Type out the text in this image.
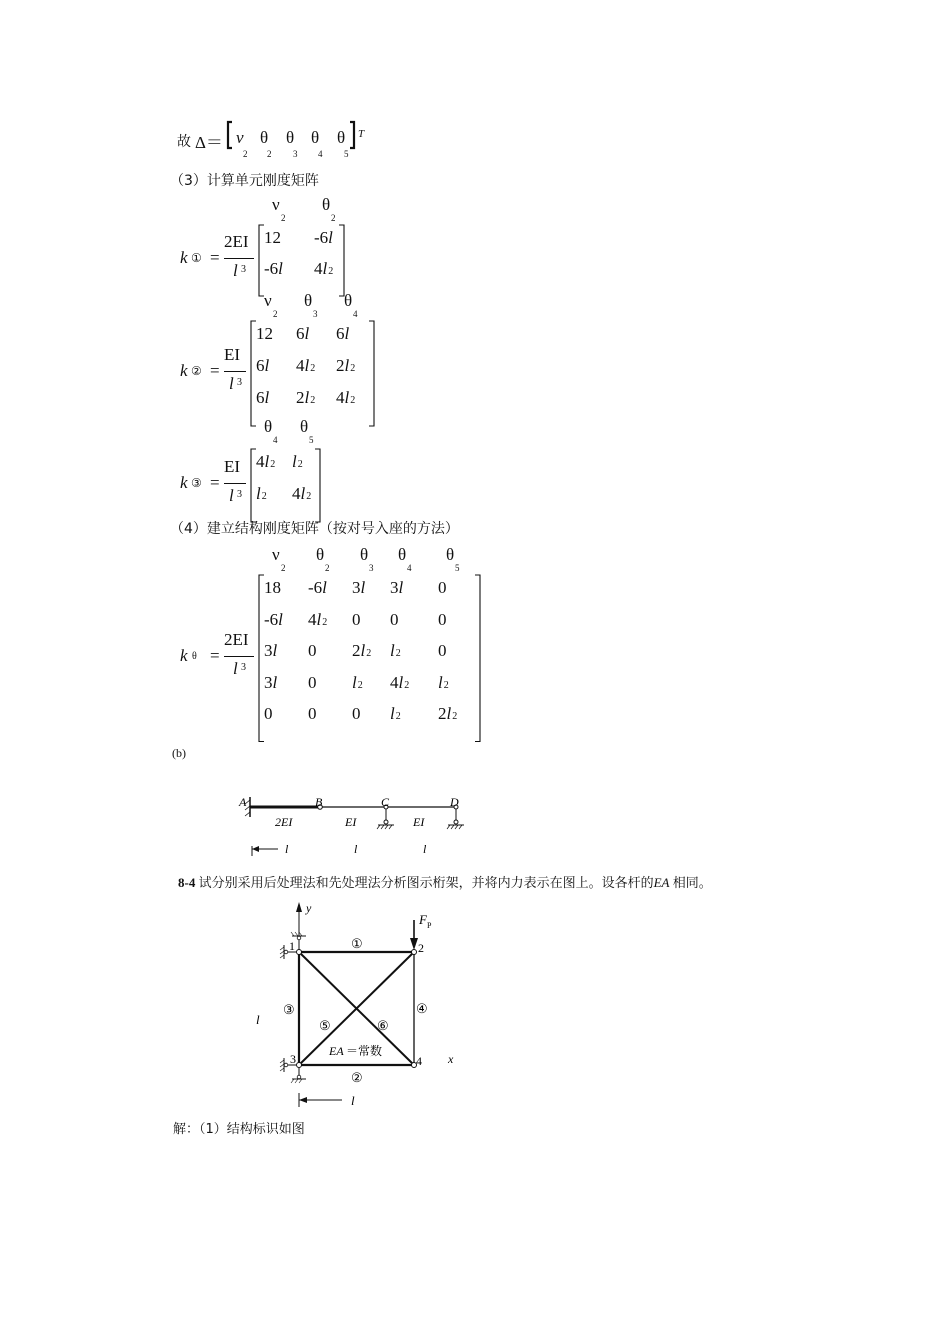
故 Δ＝ ν
2
θ
2
θ
3
θ
4
θ
5
T
（3）计算单元刚度矩阵
k ① =
2EI
l 3
ν
2
θ
2
12 -6l
-6l 4l2
k ② =
EI
l 3
ν
2
θ
3
θ
4
12 6l 6l
6l 4l2 2l2
6l 2l2 4l2
k ③ =
EI
l 3
θ
4
θ
5
4l2 l2
l2 4l2
（4）建立结构刚度矩阵（按对号入座的方法）
k θ =
2EI
l 3
ν
2
θ
2
θ
3
θ
4
θ
5
18 -6l 3l 3l 0
-6l 4l2 0 0 0
3l 0 2l2 l2 0
3l 0 l2 4l2 l2
0 0 0 l2 2l2
(b)
A	B	C	D
2EI	EI	EI
l	l	l
8-4 试分别采用后处理法和先处理法分析图示桁架，并将内力表示在图上。设各杆的EA 相同。
y
F P
1	2
3	4
①
②
③	④
⑤	⑥
EA ＝常数
x
l
l
解：（1）结构标识如图
